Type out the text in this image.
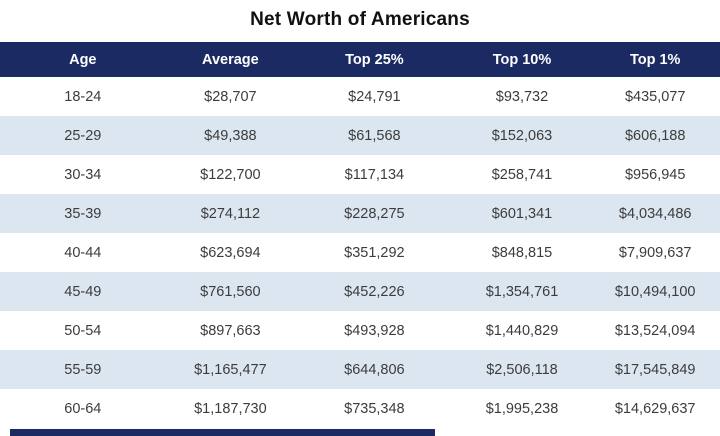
Net Worth of Americans
Age	Average	Top 25%	Top 10%	Top 1%
18-24	$28,707	$24,791	$93,732	$435,077
25-29	$49,388	$61,568	$152,063	$606,188
30-34	$122,700	$117,134	$258,741	$956,945
35-39	$274,112	$228,275	$601,341	$4,034,486
40-44	$623,694	$351,292	$848,815	$7,909,637
45-49	$761,560	$452,226	$1,354,761	$10,494,100
50-54	$897,663	$493,928	$1,440,829	$13,524,094
55-59	$1,165,477	$644,806	$2,506,118	$17,545,849
60-64	$1,187,730	$735,348	$1,995,238	$14,629,637
